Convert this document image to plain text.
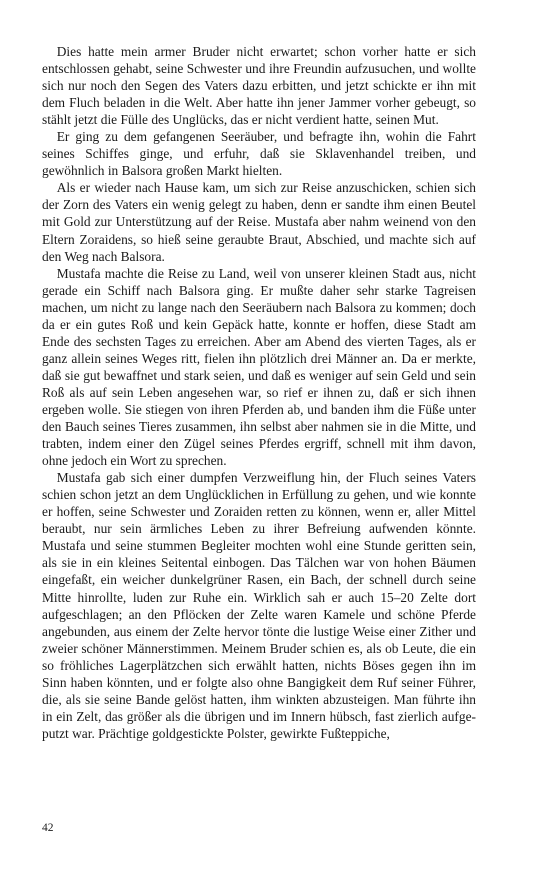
Dies hatte mein armer Bruder nicht erwartet; schon vorher hatte er sich entschlossen gehabt, seine Schwester und ihre Freundin aufzusuchen, und wollte sich nur noch den Segen des Vaters dazu erbitten, und jetzt schickte er ihn mit dem Fluch beladen in die Welt. Aber hatte ihn jener Jammer vorher gebeugt, so stählt jetzt die Fülle des Unglücks, das er nicht verdient hatte, seinen Mut.

Er ging zu dem gefangenen Seeräuber, und befragte ihn, wohin die Fahrt seines Schiffes ginge, und erfuhr, daß sie Sklavenhandel treiben, und gewöhnlich in Balsora großen Markt hielten.

Als er wieder nach Hause kam, um sich zur Reise anzuschicken, schien sich der Zorn des Vaters ein wenig gelegt zu haben, denn er sandte ihm einen Beutel mit Gold zur Unterstützung auf der Reise. Mustafa aber nahm weinend von den Eltern Zoraidens, so hieß seine geraubte Braut, Abschied, und machte sich auf den Weg nach Balsora.

Mustafa machte die Reise zu Land, weil von unserer kleinen Stadt aus, nicht gerade ein Schiff nach Balsora ging. Er mußte daher sehr starke Tagreisen machen, um nicht zu lange nach den Seeräubern nach Balsora zu kommen; doch da er ein gutes Roß und kein Gepäck hatte, konnte er hoffen, diese Stadt am Ende des sechsten Tages zu erreichen. Aber am Abend des vierten Tages, als er ganz allein seines Weges ritt, fielen ihn plötzlich drei Männer an. Da er merkte, daß sie gut bewaffnet und stark seien, und daß es weniger auf sein Geld und sein Roß als auf sein Leben angesehen war, so rief er ihnen zu, daß er sich ihnen ergeben wolle. Sie stiegen von ihren Pferden ab, und banden ihm die Füße unter den Bauch seines Tieres zusammen, ihn selbst aber nahmen sie in die Mitte, und trabten, indem einer den Zügel seines Pferdes ergriff, schnell mit ihm davon, ohne jedoch ein Wort zu sprechen.

Mustafa gab sich einer dumpfen Verzweiflung hin, der Fluch seines Vaters schien schon jetzt an dem Unglücklichen in Erfüllung zu gehen, und wie konnte er hoffen, seine Schwester und Zoraiden retten zu können, wenn er, aller Mittel beraubt, nur sein ärmliches Leben zu ihrer Befreiung aufwenden könnte. Mustafa und seine stummen Begleiter mochten wohl eine Stunde geritten sein, als sie in ein kleines Seitental einbogen. Das Tälchen war von hohen Bäumen eingefaßt, ein weicher dunkelgrüner Rasen, ein Bach, der schnell durch seine Mitte hinrollte, luden zur Ruhe ein. Wirklich sah er auch 15–20 Zelte dort aufgeschlagen; an den Pflöcken der Zelte waren Kamele und schöne Pferde angebunden, aus einem der Zelte hervor tönte die lustige Weise einer Zither und zweier schöner Männerstimmen. Meinem Bruder schien es, als ob Leute, die ein so fröhliches Lagerplätzchen sich erwählt hatten, nichts Böses gegen ihn im Sinn haben könnten, und er folgte also ohne Bangigkeit dem Ruf seiner Führer, die, als sie seine Bande gelöst hatten, ihm winkten abzusteigen. Man führte ihn in ein Zelt, das größer als die übrigen und im Innern hübsch, fast zierlich aufgeputzt war. Prächtige goldgestickte Polster, gewirkte Fußteppiche,

42
